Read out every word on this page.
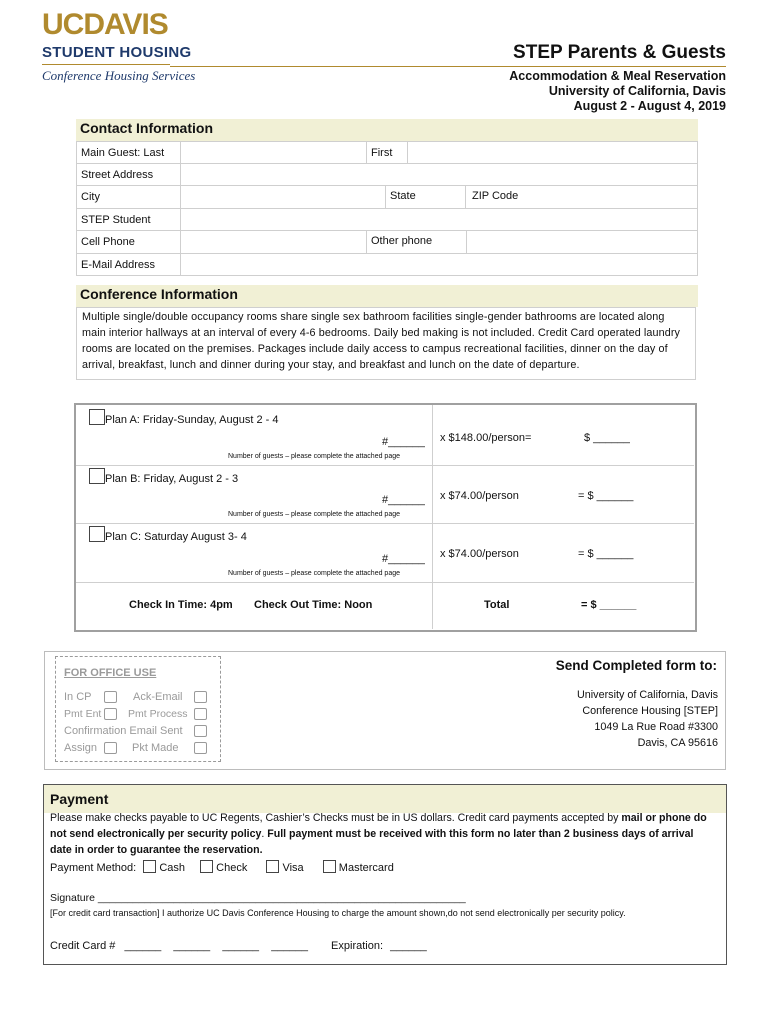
UCDAVIS
STUDENT HOUSING
Conference Housing Services
STEP Parents & Guests
Accommodation & Meal Reservation
University of California, Davis
August 2 - August 4, 2019
Contact Information
Main Guest: Last		First	
Street Address			
City	State ZIP Code		

STEP Student			
Cell Phone		Other phone	

E-Mail Address			
Conference Information
Multiple single/double occupancy rooms share single sex bathroom facilities single-gender bathrooms are located along main interior hallways at an interval of every 4-6 bedrooms. Daily bed making is not included. Credit Card operated laundry rooms are located on the premises. Packages include daily access to campus recreational facilities, dinner on the day of arrival, breakfast, lunch and dinner during your stay, and breakfast and lunch on the date of departure.
Plan A: Friday-Sunday, August 2 - 4
#______
Number of guests – please complete the attached page
x $148.00/person=	$ ______
Plan B: Friday, August 2 - 3
#______
Number of guests – please complete the attached page
x $74.00/person	= $ ______
Plan C: Saturday August 3- 4
#______
Number of guests – please complete the attached page
x $74.00/person	= $ ______
Check In Time: 4pm Check Out Time: Noon	Total	= $ ______
FOR OFFICE USE
In CP	Ack-Email
Pmt Ent	Pmt Process
Confirmation Email Sent
Assign	Pkt Made
Send Completed form to:
University of California, Davis
Conference Housing [STEP]
1049 La Rue Road #3300
Davis, CA 95616
Payment
Please make checks payable to UC Regents, Cashier’s Checks must be in US dollars. Credit card payments accepted by mail or phone do not send electronically per security policy. Full payment must be received with this form no later than 2 business days of arrival date in order to guarantee the reservation.
Payment Method: Cash	Check	Visa	Mastercard
Signature _______________________________________________________________
[For credit card transaction] I authorize UC Davis Conference Housing to charge the amount shown,do not send electronically per security policy.
Credit Card # ______    ______    ______    ______ Expiration: ______
